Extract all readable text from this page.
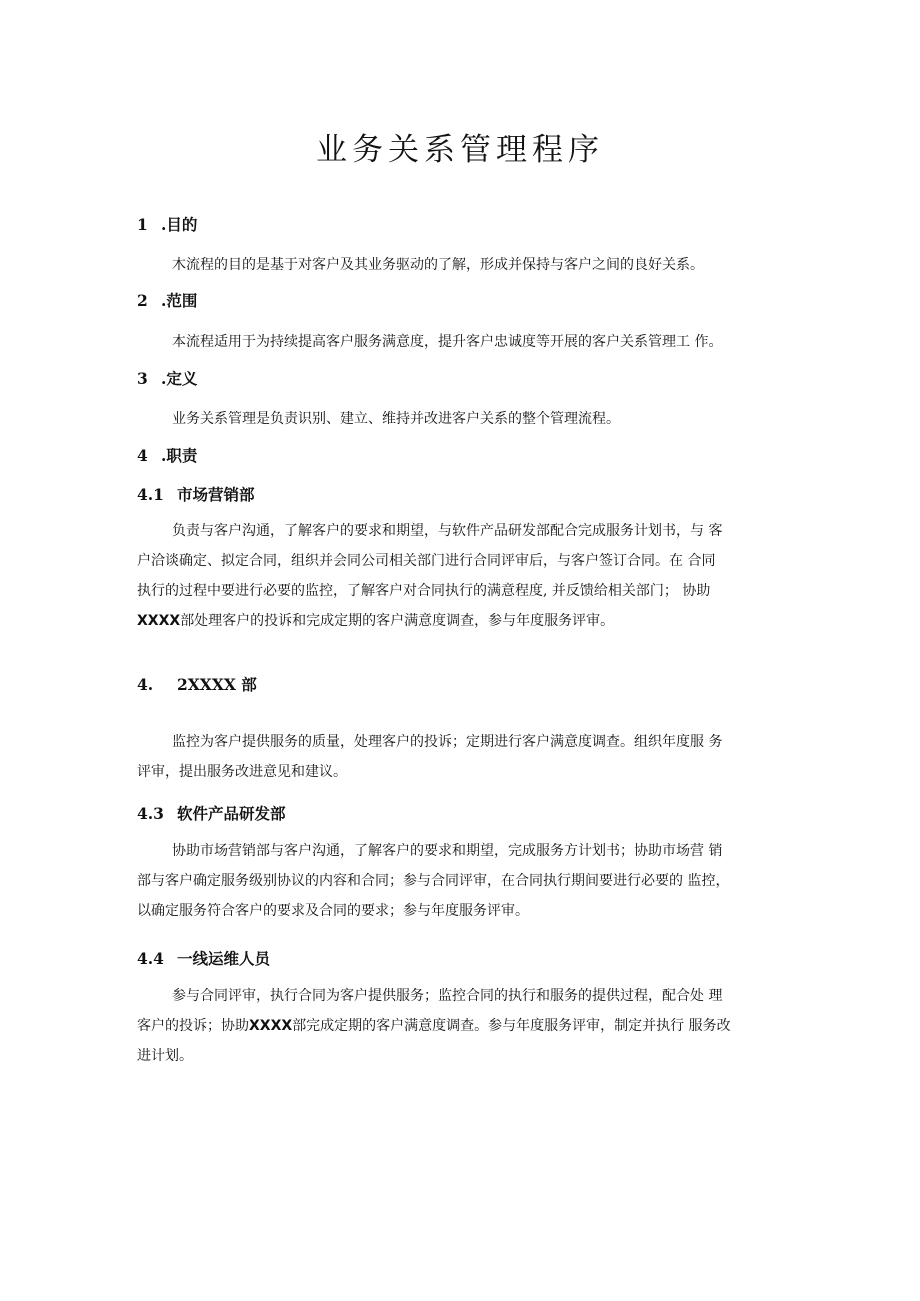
业务关系管理程序
1 .目的
木流程的目的是基于对客户及其业务驱动的了解，形成并保持与客户之间的良好关系。
2 .范围
本流程适用于为持续提高客户服务满意度，提升客户忠诚度等开展的客户关系管理工 作。
3 .定义
业务关系管理是负责识别、建立、维持并改进客户关系的整个管理流程。
4 .职责
4.1 市场营销部
负责与客户沟通，了解客户的要求和期望，与软件产品研发部配合完成服务计划书，与 客
户洽谈确定、拟定合同，组织并会同公司相关部门进行合同评审后，与客户签订合同。在 合同
执行的过程中要进行必要的监控，了解客户对合同执行的满意程度, 并反馈给相关部门； 协助
XXXX部处理客户的投诉和完成定期的客户满意度调查，参与年度服务评审。
4. 2XXXX 部
监控为客户提供服务的质量，处理客户的投诉；定期进行客户满意度调查。组织年度服 务
评审，提出服务改进意见和建议。
4.3 软件产品研发部
协助市场营销部与客户沟通，了解客户的要求和期望，完成服务方计划书；协助市场营 销
部与客户确定服务级别协议的内容和合同；参与合同评审，在合同执行期间要进行必要的 监控，
以确定服务符合客户的要求及合同的要求；参与年度服务评审。
4.4 一线运维人员
参与合同评审，执行合同为客户提供服务；监控合同的执行和服务的提供过程，配合处 理
客户的投诉；协助XXXX部完成定期的客户满意度调查。参与年度服务评审，制定并执行 服务改
进计划。
